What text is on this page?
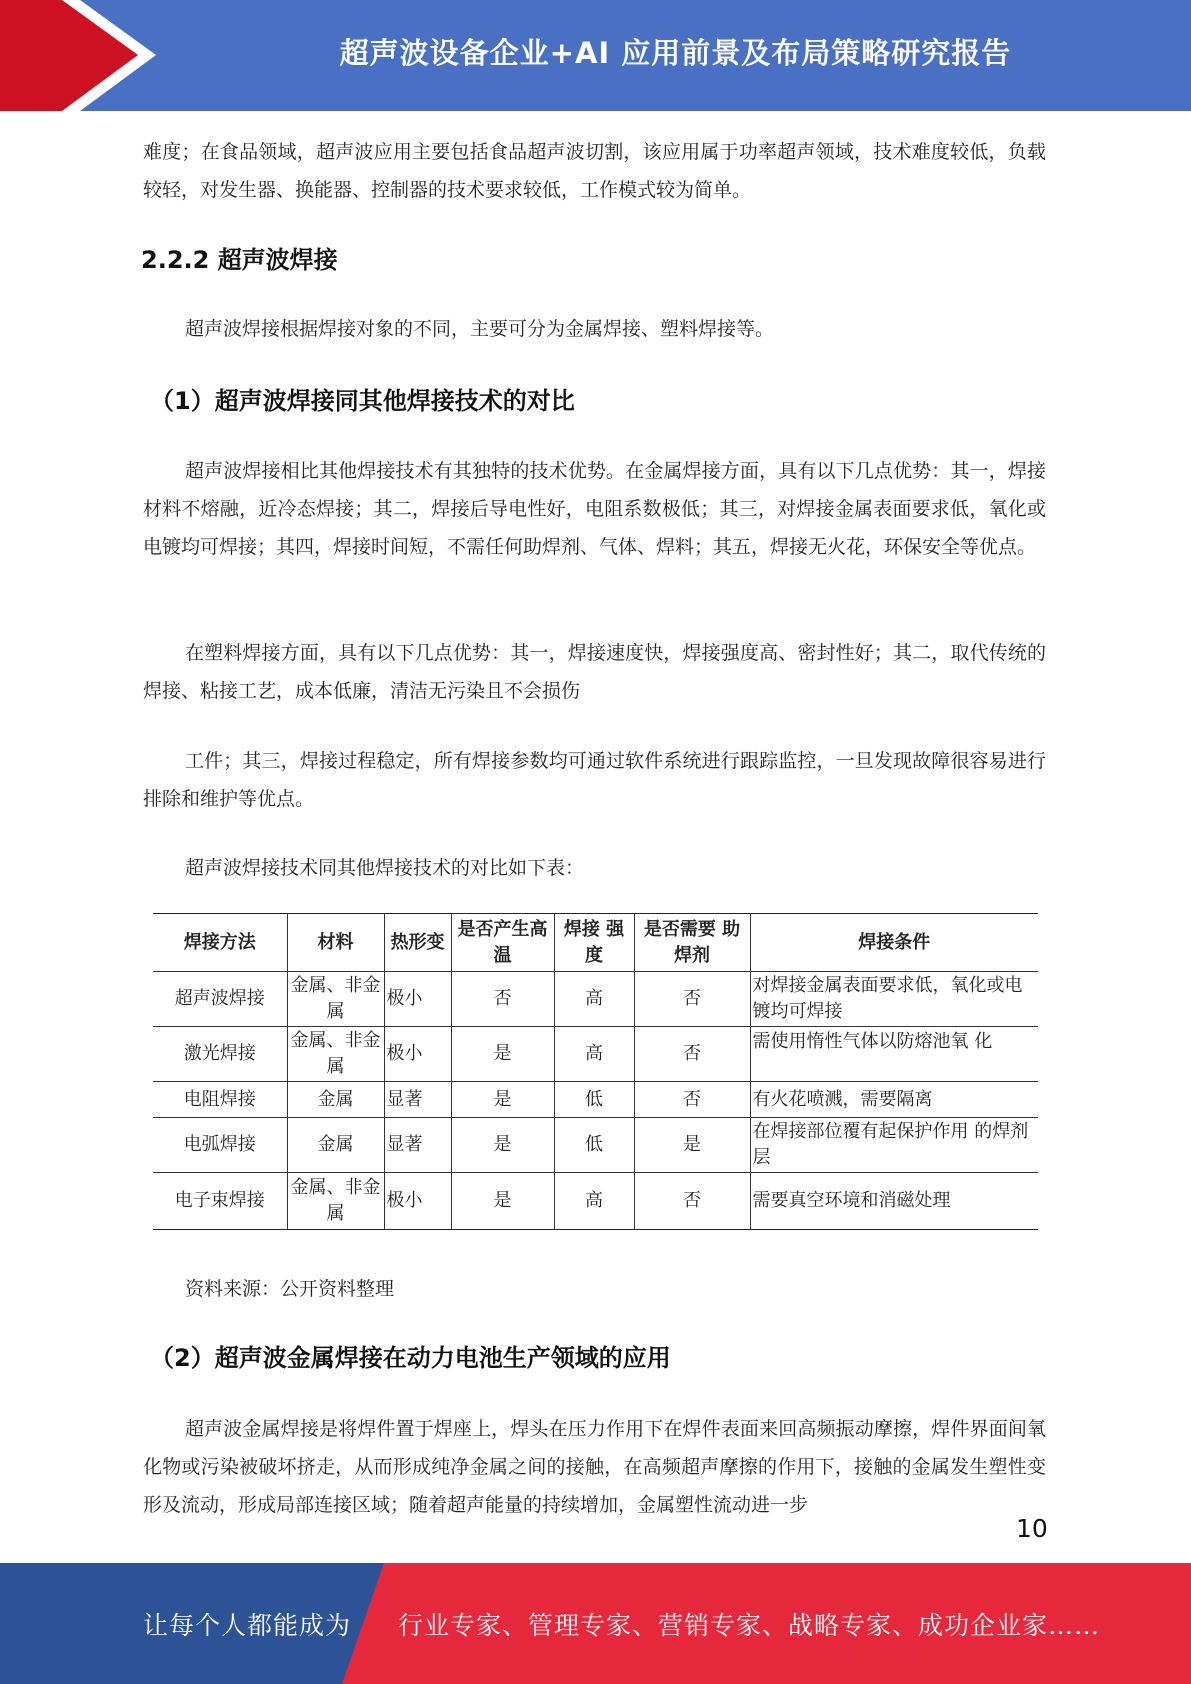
超声波设备企业+AI 应用前景及布局策略研究报告
难度；在食品领域，超声波应用主要包括食品超声波切割，该应用属于功率超声领域，技术难度较低，负载较轻，对发生器、换能器、控制器的技术要求较低，工作模式较为简单。
2.2.2 超声波焊接
超声波焊接根据焊接对象的不同，主要可分为金属焊接、塑料焊接等。
（1）超声波焊接同其他焊接技术的对比
超声波焊接相比其他焊接技术有其独特的技术优势。在金属焊接方面，具有以下几点优势：其一，焊接材料不熔融，近冷态焊接；其二，焊接后导电性好，电阻系数极低；其三，对焊接金属表面要求低，氧化或电镀均可焊接；其四，焊接时间短，不需任何助焊剂、气体、焊料；其五，焊接无火花，环保安全等优点。
在塑料焊接方面，具有以下几点优势：其一，焊接速度快，焊接强度高、密封性好；其二，取代传统的焊接、粘接工艺，成本低廉，清洁无污染且不会损伤
工件；其三，焊接过程稳定，所有焊接参数均可通过软件系统进行跟踪监控，一旦发现故障很容易进行排除和维护等优点。
超声波焊接技术同其他焊接技术的对比如下表：
焊接方法	材料	热形变	是否产生高温	焊接 强度	是否需要 助焊剂	焊接条件
超声波焊接	金属、非金属	极小	否	高	否	对焊接金属表面要求低，氧化或电镀均可焊接

激光焊接	金属、非金属	极小	是	高	否	需使用惰性气体以防熔池氧 化
电阻焊接	金属	显著	是	低	否	有火花喷溅，需要隔离
电弧焊接	金属	显著	是	低	是	在焊接部位覆有起保护作用 的焊剂层
电子束焊接	金属、非金属	极小	是	高	否	需要真空环境和消磁处理
资料来源：公开资料整理
（2）超声波金属焊接在动力电池生产领域的应用
超声波金属焊接是将焊件置于焊座上，焊头在压力作用下在焊件表面来回高频振动摩擦，焊件界面间氧化物或污染被破坏挤走，从而形成纯净金属之间的接触，在高频超声摩擦的作用下，接触的金属发生塑性变形及流动，形成局部连接区域；随着超声能量的持续增加，金属塑性流动进一步
10
让每个人都能成为 行业专家、管理专家、营销专家、战略专家、成功企业家……
